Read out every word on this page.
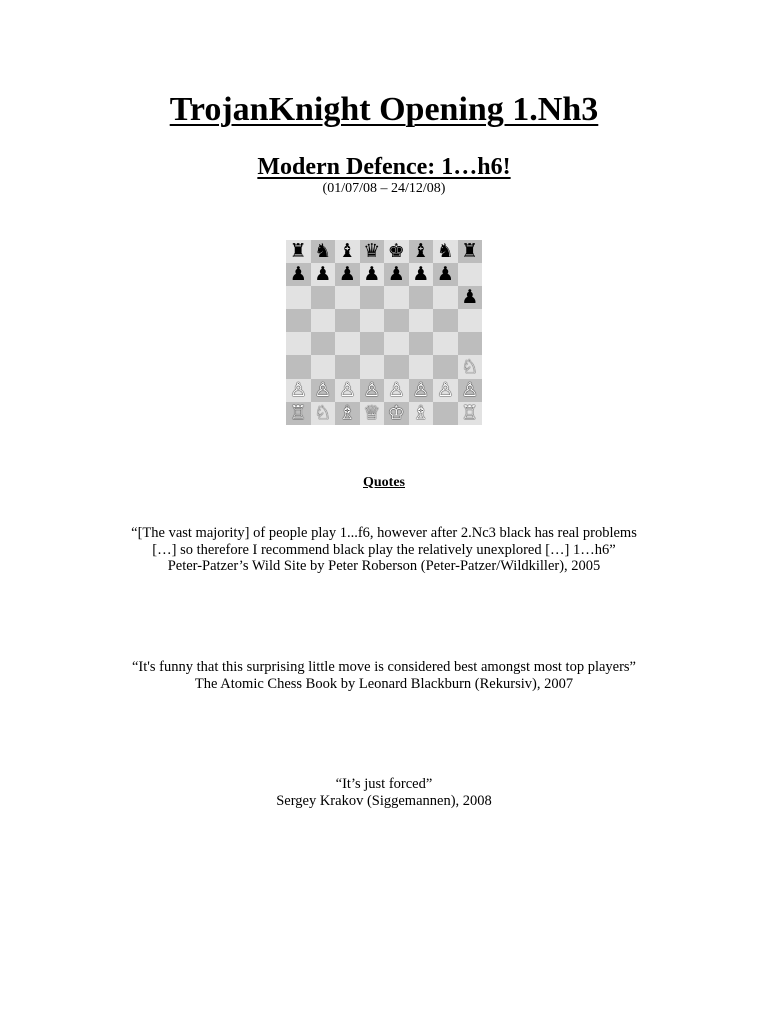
TrojanKnight Opening 1.Nh3
Modern Defence: 1…h6!
(01/07/08 – 24/12/08)
♜ ♞ ♝ ♛ ♚ ♝ ♞ ♜
♟ ♟ ♟ ♟ ♟ ♟ ♟
♟
♘
♙ ♙ ♙ ♙ ♙ ♙ ♙ ♙
♖ ♘ ♗ ♕ ♔ ♗ ♖
Quotes
“[The vast majority] of people play 1...f6, however after 2.Nc3 black has real problems […] so therefore I recommend black play the relatively unexplored […] 1…h6”
Peter-Patzer’s Wild Site by Peter Roberson (Peter-Patzer/Wildkiller), 2005
“It's funny that this surprising little move is considered best amongst most top players”
The Atomic Chess Book by Leonard Blackburn (Rekursiv), 2007
“It’s just forced”
Sergey Krakov (Siggemannen), 2008
